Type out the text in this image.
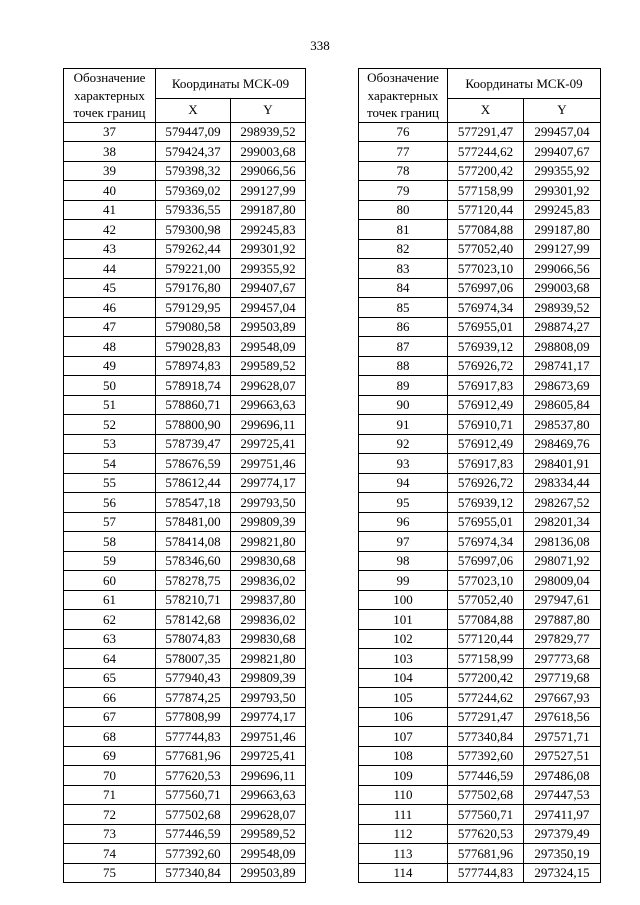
338
Обозначение характерных точек границ	Координаты МСК-09	
	X	Y
37	579447,09	298939,52
38	579424,37	299003,68
39	579398,32	299066,56
40	579369,02	299127,99
41	579336,55	299187,80
42	579300,98	299245,83
43	579262,44	299301,92
44	579221,00	299355,92
45	579176,80	299407,67
46	579129,95	299457,04
47	579080,58	299503,89
48	579028,83	299548,09
49	578974,83	299589,52
50	578918,74	299628,07
51	578860,71	299663,63
52	578800,90	299696,11
53	578739,47	299725,41
54	578676,59	299751,46
55	578612,44	299774,17
56	578547,18	299793,50
57	578481,00	299809,39
58	578414,08	299821,80
59	578346,60	299830,68
60	578278,75	299836,02
61	578210,71	299837,80
62	578142,68	299836,02
63	578074,83	299830,68
64	578007,35	299821,80
65	577940,43	299809,39
66	577874,25	299793,50
67	577808,99	299774,17
68	577744,83	299751,46
69	577681,96	299725,41
70	577620,53	299696,11
71	577560,71	299663,63
72	577502,68	299628,07
73	577446,59	299589,52
74	577392,60	299548,09
75	577340,84	299503,89
Обозначение характерных точек границ	Координаты МСК-09	
	X	Y
76	577291,47	299457,04
77	577244,62	299407,67
78	577200,42	299355,92
79	577158,99	299301,92
80	577120,44	299245,83
81	577084,88	299187,80
82	577052,40	299127,99
83	577023,10	299066,56
84	576997,06	299003,68
85	576974,34	298939,52
86	576955,01	298874,27
87	576939,12	298808,09
88	576926,72	298741,17
89	576917,83	298673,69
90	576912,49	298605,84
91	576910,71	298537,80
92	576912,49	298469,76
93	576917,83	298401,91
94	576926,72	298334,44
95	576939,12	298267,52
96	576955,01	298201,34
97	576974,34	298136,08
98	576997,06	298071,92
99	577023,10	298009,04
100	577052,40	297947,61
101	577084,88	297887,80
102	577120,44	297829,77
103	577158,99	297773,68
104	577200,42	297719,68
105	577244,62	297667,93
106	577291,47	297618,56
107	577340,84	297571,71
108	577392,60	297527,51
109	577446,59	297486,08
110	577502,68	297447,53
111	577560,71	297411,97
112	577620,53	297379,49
113	577681,96	297350,19
114	577744,83	297324,15
